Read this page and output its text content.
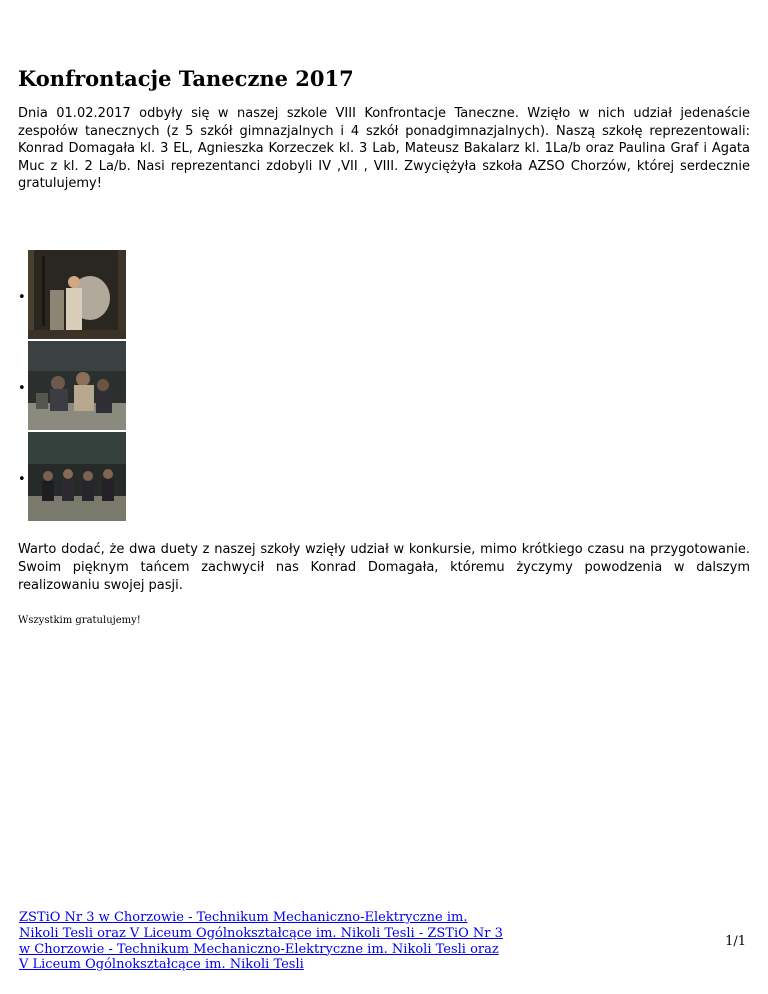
Konfrontacje Taneczne 2017

Dnia 01.02.2017 odbyły się w naszej szkole VIII Konfrontacje Taneczne. Wzięło w nich udział jedenaście zespołów tanecznych (z 5 szkół gimnazjalnych i 4 szkół ponadgimnazjalnych). Naszą szkołę reprezentowali: Konrad Domagała kl. 3 EL, Agnieszka Korzeczek kl. 3 Lab, Mateusz Bakalarz kl. 1La/b oraz Paulina Graf i Agata Muc z kl. 2 La/b. Nasi reprezentanci zdobyli IV ,VII , VIII. Zwyciężyła szkoła AZSO Chorzów, której serdecznie gratulujemy!

•
•
•

Warto dodać, że dwa duety z naszej szkoły wzięły udział w konkursie, mimo krótkiego czasu na przygotowanie. Swoim pięknym tańcem zachwycił nas Konrad Domagała, któremu życzymy powodzenia w dalszym realizowaniu swojej pasji.

Wszystkim gratulujemy!

ZSTiO Nr 3 w Chorzowie - Technikum Mechaniczno-Elektryczne im. Nikoli Tesli oraz V Liceum Ogólnokształcące im. Nikoli Tesli - ZSTiO Nr 3 w Chorzowie - Technikum Mechaniczno-Elektryczne im. Nikoli Tesli oraz V Liceum Ogólnokształcące im. Nikoli Tesli
1/1
